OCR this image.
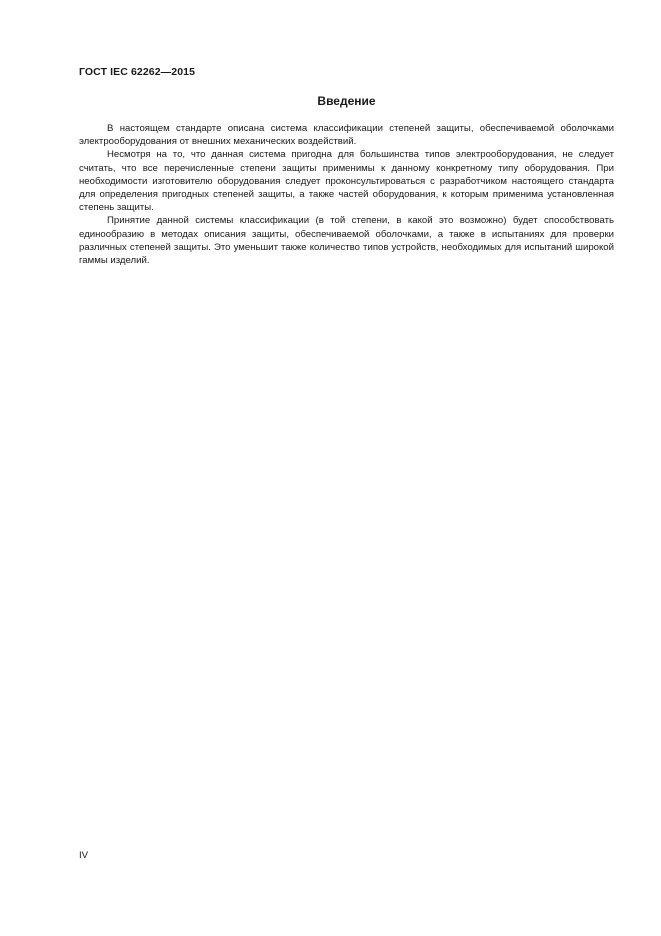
ГОСТ IEC 62262—2015
Введение

В настоящем стандарте описана система классификации степеней защиты, обеспечиваемой оболочками электрооборудования от внешних механических воздействий.

Несмотря на то, что данная система пригодна для большинства типов электрооборудования, не следует считать, что все перечисленные степени защиты применимы к данному конкретному типу оборудования. При необходимости изготовителю оборудования следует проконсультироваться с разработчиком настоящего стандарта для определения пригодных степеней защиты, а также частей оборудования, к которым применима установленная степень защиты.

Принятие данной системы классификации (в той степени, в какой это возможно) будет способствовать единообразию в методах описания защиты, обеспечиваемой оболочками, а также в испытаниях для проверки различных степеней защиты. Это уменьшит также количество типов устройств, необходимых для испытаний широкой гаммы изделий.

IV
